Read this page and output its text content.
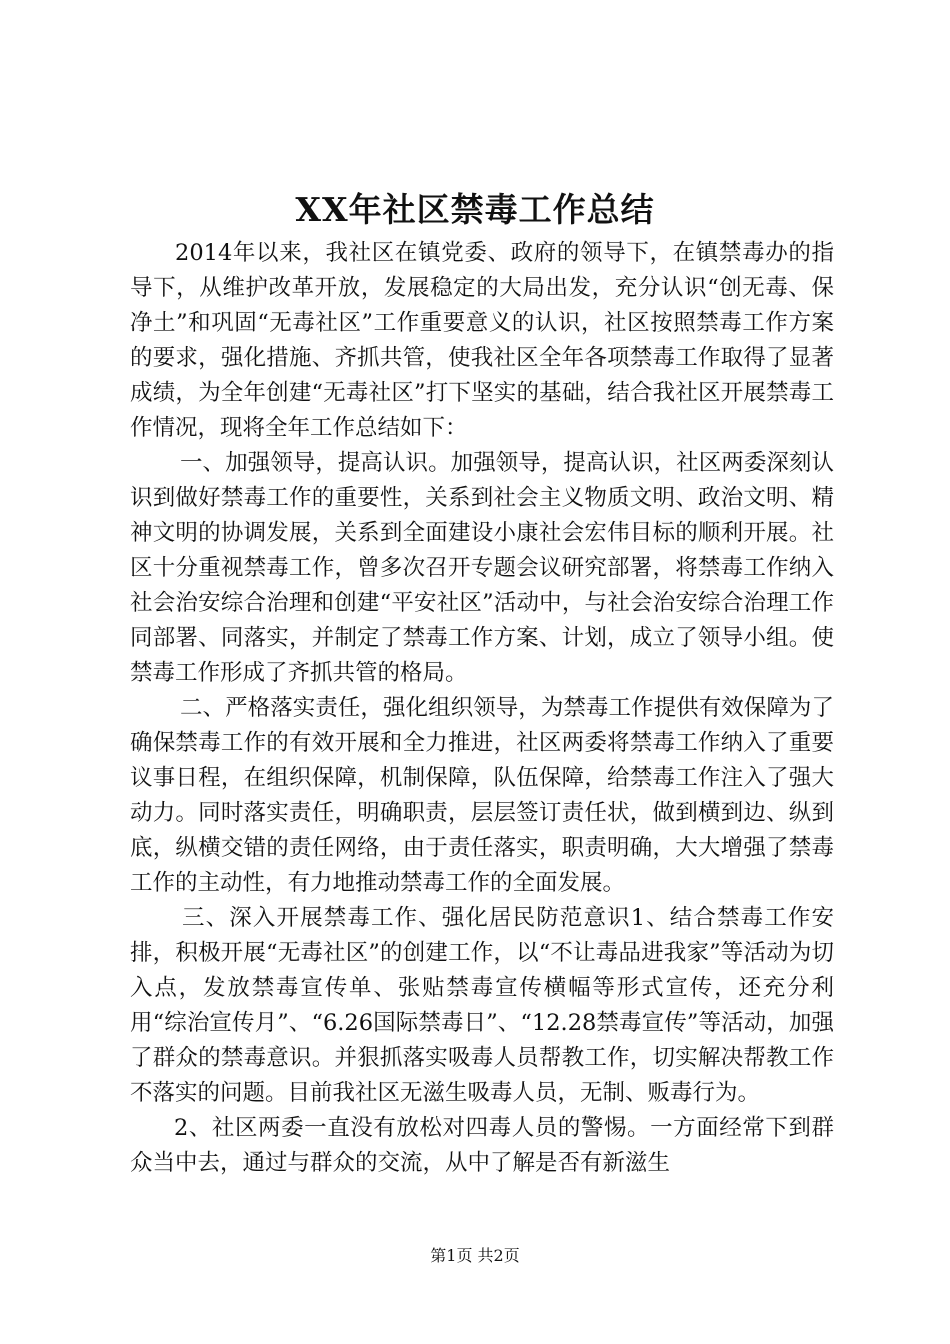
XX年社区禁毒工作总结

2014年以来，我社区在镇党委、政府的领导下，在镇禁毒办的指导下，从维护改革开放，发展稳定的大局出发，充分认识“创无毒、保净土”和巩固“无毒社区”工作重要意义的认识，社区按照禁毒工作方案的要求，强化措施、齐抓共管，使我社区全年各项禁毒工作取得了显著成绩，为全年创建“无毒社区”打下坚实的基础，结合我社区开展禁毒工作情况，现将全年工作总结如下：

一、加强领导，提高认识。加强领导，提高认识，社区两委深刻认识到做好禁毒工作的重要性，关系到社会主义物质文明、政治文明、精神文明的协调发展，关系到全面建设小康社会宏伟目标的顺利开展。社区十分重视禁毒工作，曾多次召开专题会议研究部署，将禁毒工作纳入社会治安综合治理和创建“平安社区”活动中，与社会治安综合治理工作同部署、同落实，并制定了禁毒工作方案、计划，成立了领导小组。使禁毒工作形成了齐抓共管的格局。

二、严格落实责任，强化组织领导，为禁毒工作提供有效保障为了确保禁毒工作的有效开展和全力推进，社区两委将禁毒工作纳入了重要议事日程，在组织保障，机制保障，队伍保障，给禁毒工作注入了强大动力。同时落实责任，明确职责，层层签订责任状，做到横到边、纵到底，纵横交错的责任网络，由于责任落实，职责明确，大大增强了禁毒工作的主动性，有力地推动禁毒工作的全面发展。

三、深入开展禁毒工作、强化居民防范意识1、结合禁毒工作安排，积极开展“无毒社区”的创建工作，以“不让毒品进我家”等活动为切入点，发放禁毒宣传单、张贴禁毒宣传横幅等形式宣传，还充分利用“综治宣传月”、“6.26国际禁毒日”、“12.28禁毒宣传”等活动，加强了群众的禁毒意识。并狠抓落实吸毒人员帮教工作，切实解决帮教工作不落实的问题。目前我社区无滋生吸毒人员，无制、贩毒行为。

2、社区两委一直没有放松对四毒人员的警惕。一方面经常下到群众当中去，通过与群众的交流，从中了解是否有新滋生

第1页 共2页
